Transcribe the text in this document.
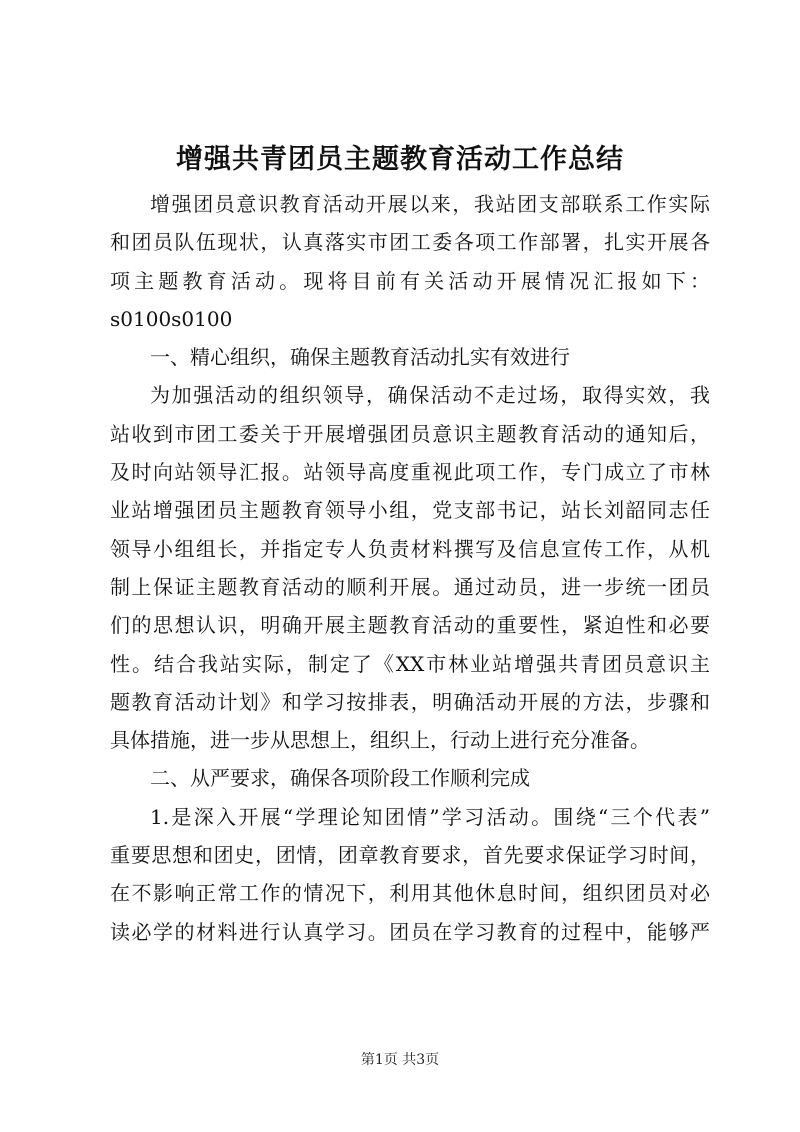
增强共青团员主题教育活动工作总结
增强团员意识教育活动开展以来，我站团支部联系工作实际
和团员队伍现状，认真落实市团工委各项工作部署，扎实开展各
项主题教育活动。现将目前有关活动开展情况汇报如下：
s0100s0100
一、精心组织，确保主题教育活动扎实有效进行
为加强活动的组织领导，确保活动不走过场，取得实效，我
站收到市团工委关于开展增强团员意识主题教育活动的通知后，
及时向站领导汇报。站领导高度重视此项工作，专门成立了市林
业站增强团员主题教育领导小组，党支部书记，站长刘韶同志任
领导小组组长，并指定专人负责材料撰写及信息宣传工作，从机
制上保证主题教育活动的顺利开展。通过动员，进一步统一团员
们的思想认识，明确开展主题教育活动的重要性，紧迫性和必要
性。结合我站实际，制定了《XX市林业站增强共青团员意识主
题教育活动计划》和学习按排表，明确活动开展的方法，步骤和
具体措施，进一步从思想上，组织上，行动上进行充分准备。
二、从严要求，确保各项阶段工作顺利完成
1.是深入开展“学理论知团情”学习活动。围绕“三个代表”
重要思想和团史，团情，团章教育要求，首先要求保证学习时间，
在不影响正常工作的情况下，利用其他休息时间，组织团员对必
读必学的材料进行认真学习。团员在学习教育的过程中，能够严
第1页 共3页
